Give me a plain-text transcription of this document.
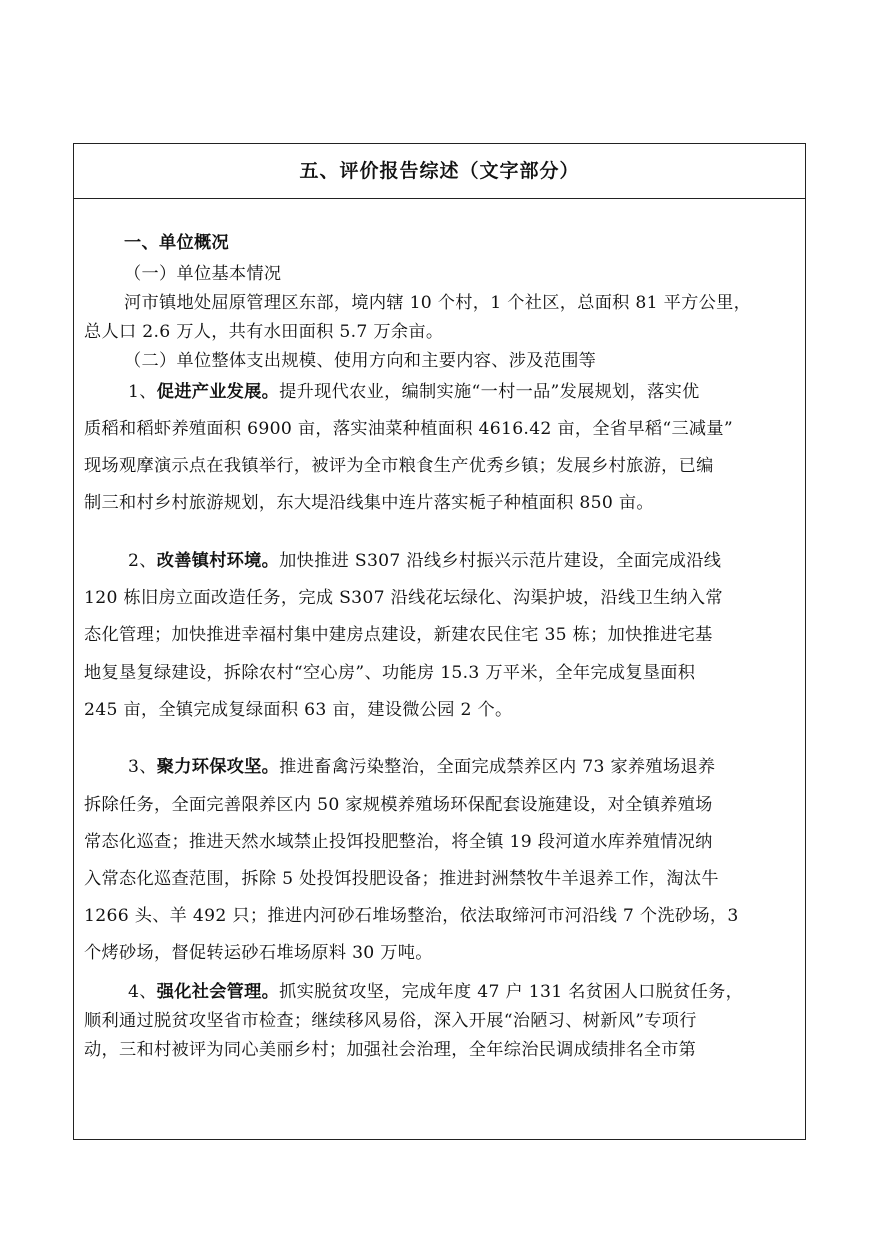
五、评价报告综述（文字部分）
一、单位概况
（一）单位基本情况
河市镇地处屈原管理区东部，境内辖 10 个村，1 个社区，总面积 81 平方公里，
总人口 2.6 万人，共有水田面积 5.7 万余亩。
（二）单位整体支出规模、使用方向和主要内容、涉及范围等
1、促进产业发展。提升现代农业，编制实施“一村一品”发展规划，落实优
质稻和稻虾养殖面积 6900 亩，落实油菜种植面积 4616.42 亩，全省早稻“三减量”
现场观摩演示点在我镇举行，被评为全市粮食生产优秀乡镇；发展乡村旅游，已编
制三和村乡村旅游规划，东大堤沿线集中连片落实栀子种植面积 850 亩。
2、改善镇村环境。加快推进 S307 沿线乡村振兴示范片建设，全面完成沿线
120 栋旧房立面改造任务，完成 S307 沿线花坛绿化、沟渠护坡，沿线卫生纳入常
态化管理；加快推进幸福村集中建房点建设，新建农民住宅 35 栋；加快推进宅基
地复垦复绿建设，拆除农村“空心房”、功能房 15.3 万平米，全年完成复垦面积
245 亩，全镇完成复绿面积 63 亩，建设微公园 2 个。
3、聚力环保攻坚。推进畜禽污染整治，全面完成禁养区内 73 家养殖场退养
拆除任务，全面完善限养区内 50 家规模养殖场环保配套设施建设，对全镇养殖场
常态化巡查；推进天然水域禁止投饵投肥整治，将全镇 19 段河道水库养殖情况纳
入常态化巡查范围，拆除 5 处投饵投肥设备；推进封洲禁牧牛羊退养工作，淘汰牛
1266 头、羊 492 只；推进内河砂石堆场整治，依法取缔河市河沿线 7 个洗砂场，3
个烤砂场，督促转运砂石堆场原料 30 万吨。
4、强化社会管理。抓实脱贫攻坚，完成年度 47 户 131 名贫困人口脱贫任务，
顺利通过脱贫攻坚省市检查；继续移风易俗，深入开展“治陋习、树新风”专项行
动，三和村被评为同心美丽乡村；加强社会治理，全年综治民调成绩排名全市第
